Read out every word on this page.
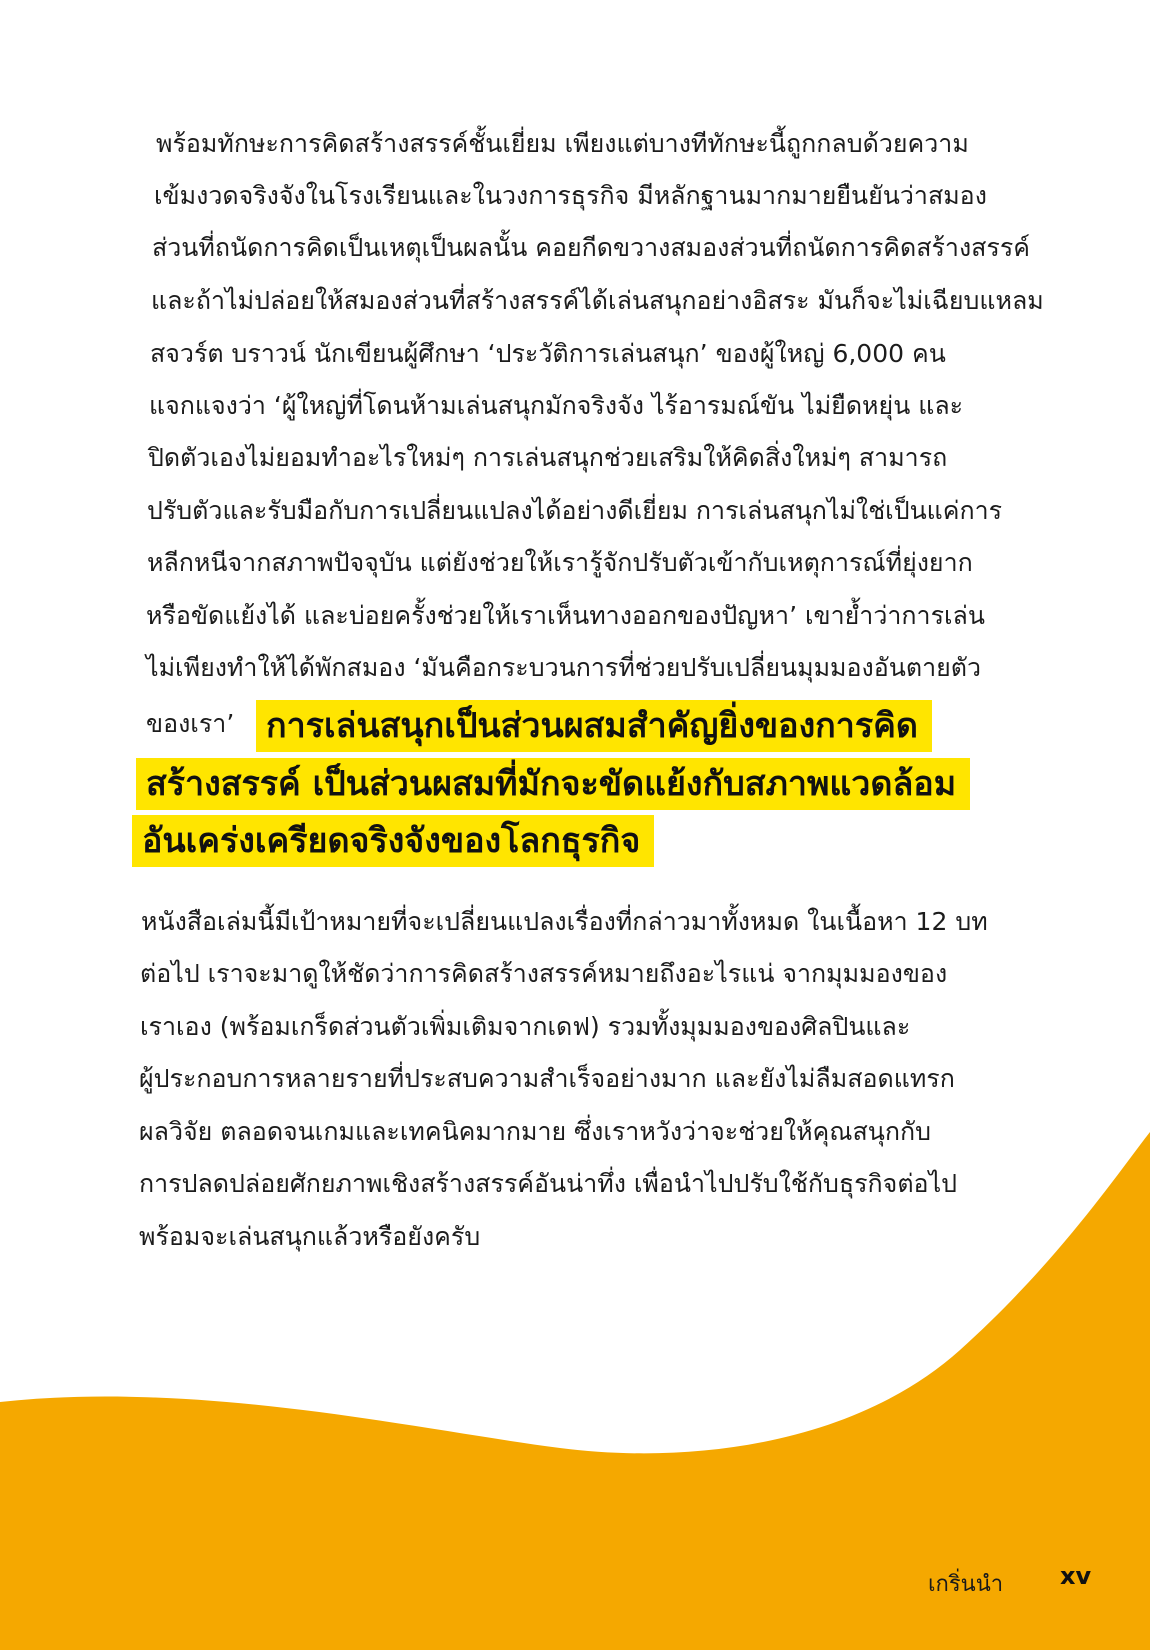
พร้อมทักษะการคิดสร้างสรรค์ชั้นเยี่ยม เพียงแต่บางทีทักษะนี้ถูกกลบด้วยความ
เข้มงวดจริงจังในโรงเรียนและในวงการธุรกิจ มีหลักฐานมากมายยืนยันว่าสมอง
ส่วนที่ถนัดการคิดเป็นเหตุเป็นผลนั้น คอยกีดขวางสมองส่วนที่ถนัดการคิดสร้างสรรค์
และถ้าไม่ปล่อยให้สมองส่วนที่สร้างสรรค์ได้เล่นสนุกอย่างอิสระ มันก็จะไม่เฉียบแหลม
สจวร์ต บราวน์ นักเขียนผู้ศึกษา ‘ประวัติการเล่นสนุก’ ของผู้ใหญ่ 6,000 คน
แจกแจงว่า ‘ผู้ใหญ่ที่โดนห้ามเล่นสนุกมักจริงจัง ไร้อารมณ์ขัน ไม่ยืดหยุ่น และ
ปิดตัวเองไม่ยอมทำอะไรใหม่ๆ การเล่นสนุกช่วยเสริมให้คิดสิ่งใหม่ๆ สามารถ
ปรับตัวและรับมือกับการเปลี่ยนแปลงได้อย่างดีเยี่ยม การเล่นสนุกไม่ใช่เป็นแค่การ
หลีกหนีจากสภาพปัจจุบัน แต่ยังช่วยให้เรารู้จักปรับตัวเข้ากับเหตุการณ์ที่ยุ่งยาก
หรือขัดแย้งได้ และบ่อยครั้งช่วยให้เราเห็นทางออกของปัญหา’ เขาย้ำว่าการเล่น
ไม่เพียงทำให้ได้พักสมอง ‘มันคือกระบวนการที่ช่วยปรับเปลี่ยนมุมมองอันตายตัว
ของเรา’ การเล่นสนุกเป็นส่วนผสมสำคัญยิ่งของการคิด
สร้างสรรค์ เป็นส่วนผสมที่มักจะขัดแย้งกับสภาพแวดล้อม
อันเคร่งเครียดจริงจังของโลกธุรกิจ
หนังสือเล่มนี้มีเป้าหมายที่จะเปลี่ยนแปลงเรื่องที่กล่าวมาทั้งหมด ในเนื้อหา 12 บท
ต่อไป เราจะมาดูให้ชัดว่าการคิดสร้างสรรค์หมายถึงอะไรแน่ จากมุมมองของ
เราเอง (พร้อมเกร็ดส่วนตัวเพิ่มเติมจากเดฟ) รวมทั้งมุมมองของศิลปินและ
ผู้ประกอบการหลายรายที่ประสบความสำเร็จอย่างมาก และยังไม่ลืมสอดแทรก
ผลวิจัย ตลอดจนเกมและเทคนิคมากมาย ซึ่งเราหวังว่าจะช่วยให้คุณสนุกกับ
การปลดปล่อยศักยภาพเชิงสร้างสรรค์อันน่าทึ่ง เพื่อนำไปปรับใช้กับธุรกิจต่อไป
พร้อมจะเล่นสนุกแล้วหรือยังครับ
เกริ่นนำ xv
